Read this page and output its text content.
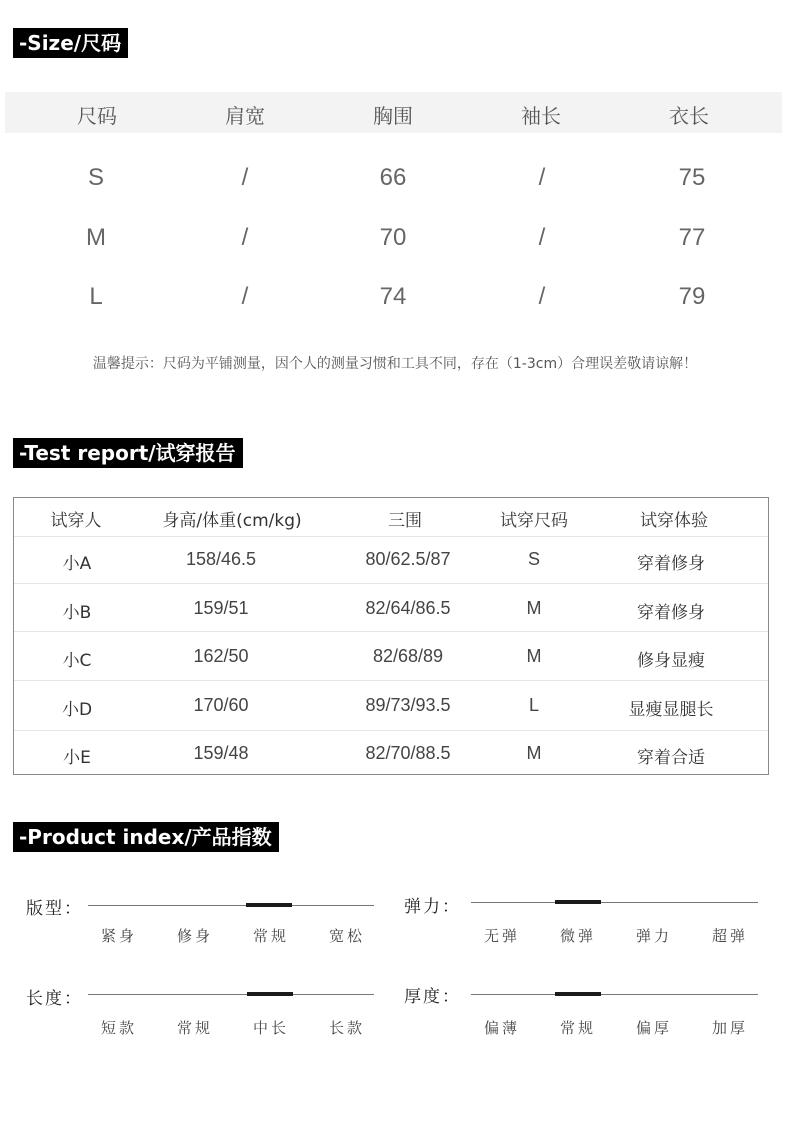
-Size/尺码
尺码	肩宽	胸围	袖长	衣长
S	/	66	/	75
M	/	70	/	77
L	/	74	/	79
温馨提示：尺码为平铺测量，因个人的测量习惯和工具不同，存在（1-3cm）合理误差敬请谅解！
-Test report/试穿报告
试穿人	身高/体重(cm/kg)	三围	试穿尺码	试穿体验
小A	158/46.5	80/62.5/87	S	穿着修身
小B	159/51	82/64/86.5	M	穿着修身
小C	162/50	82/68/89	M	修身显瘦
小D	170/60	89/73/93.5	L	显瘦显腿长
小E	159/48	82/70/88.5	M	穿着合适
-Product index/产品指数
版型：
紧身	修身	常规	宽松
弹力：
无弹	微弹	弹力	超弹
长度：
短款	常规	中长	长款
厚度：
偏薄	常规	偏厚	加厚
